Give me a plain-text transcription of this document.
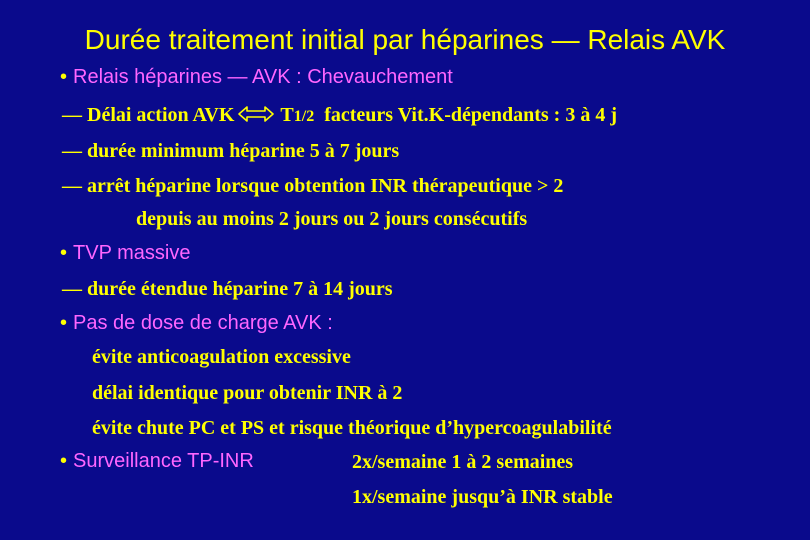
Durée traitement initial par héparines — Relais AVK
• Relais héparines — AVK : Chevauchement
— Délai action AVK T1/2 facteurs Vit.K-dépendants : 3 à 4 j
— durée minimum héparine 5 à 7 jours
— arrêt héparine lorsque obtention INR thérapeutique > 2
depuis au moins 2 jours ou 2 jours consécutifs
• TVP massive
— durée étendue héparine 7 à 14 jours
• Pas de dose de charge AVK :
évite anticoagulation excessive
délai identique pour obtenir INR à 2
évite chute PC et PS et risque théorique d’hypercoagulabilité
• Surveillance TP-INR	2x/semaine 1 à 2 semaines
1x/semaine jusqu’à INR stable
